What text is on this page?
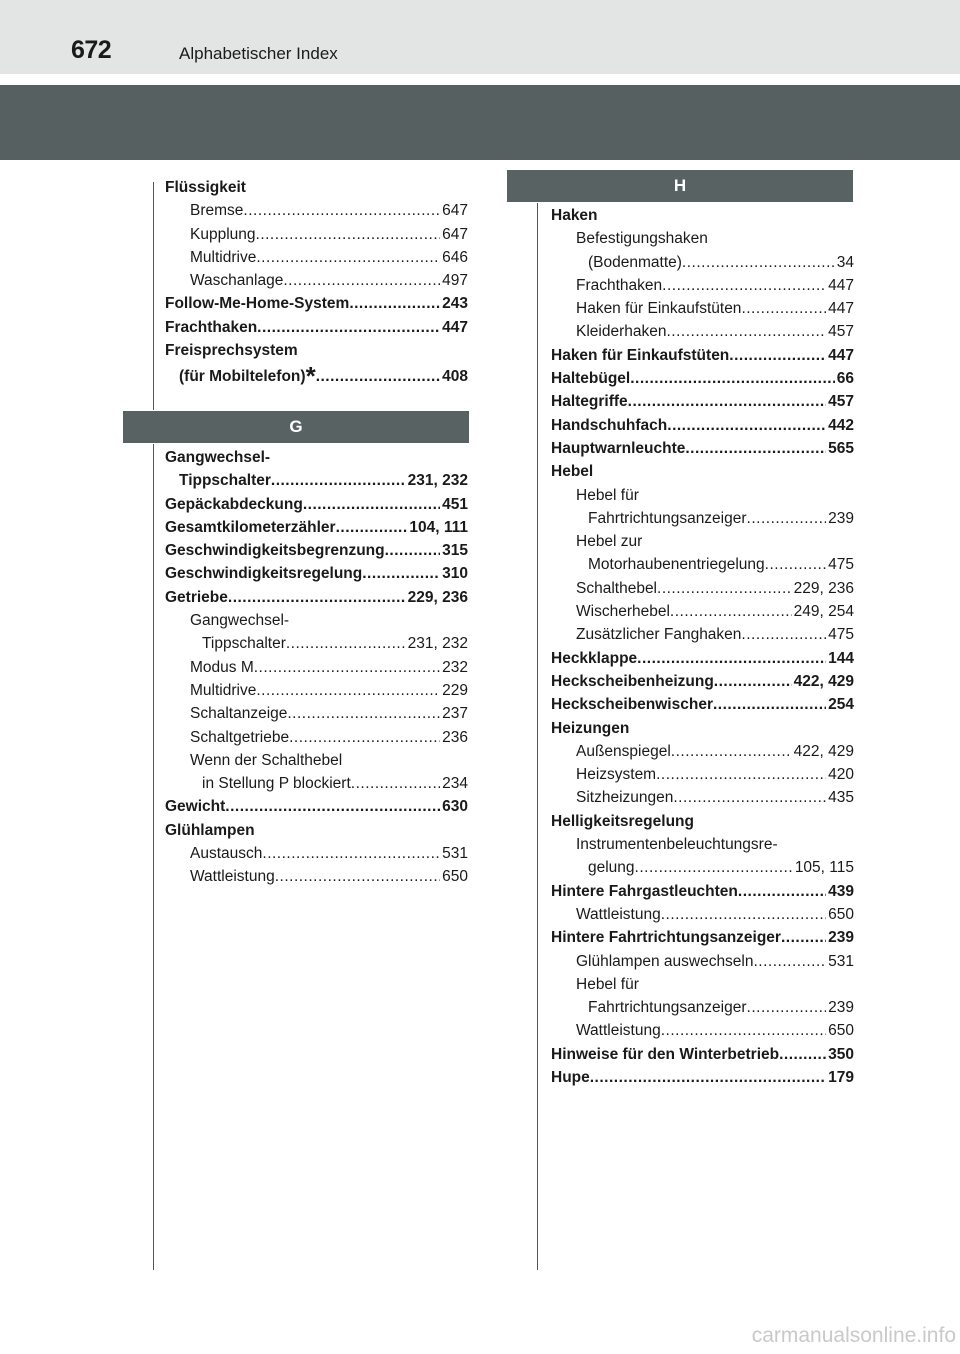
672	Alphabetischer Index
Flüssigkeit
Bremse .....	647
Kupplung .....	647
Multidrive .....	646
Waschanlage .....	497
Follow-Me-Home-System .....	243
Frachthaken .....	447
Freisprechsystem
(für Mobiltelefon)* .....	408
G
Gangwechsel-
Tippschalter .....	231, 232
Gepäckabdeckung .....	451
Gesamtkilometerzähler .....	104, 111
Geschwindigkeitsbegrenzung .....	315
Geschwindigkeitsregelung .....	310
Getriebe .....	229, 236
Gangwechsel-
Tippschalter .....	231, 232
Modus M .....	232
Multidrive .....	229
Schaltanzeige .....	237
Schaltgetriebe .....	236
Wenn der Schalthebel
in Stellung P blockiert .....	234
Gewicht .....	630
Glühlampen
Austausch .....	531
Wattleistung .....	650
H
Haken
Befestigungshaken
(Bodenmatte) .....	34
Frachthaken .....	447
Haken für Einkaufstüten .....	447
Kleiderhaken .....	457
Haken für Einkaufstüten .....	447
Haltebügel .....	66
Haltegriffe .....	457
Handschuhfach .....	442
Hauptwarnleuchte .....	565
Hebel
Hebel für
Fahrtrichtungsanzeiger .....	239
Hebel zur
Motorhaubenentriegelung .....	475
Schalthebel .....	229, 236
Wischerhebel .....	249, 254
Zusätzlicher Fanghaken .....	475
Heckklappe .....	144
Heckscheibenheizung .....	422, 429
Heckscheibenwischer .....	254
Heizungen
Außenspiegel .....	422, 429
Heizsystem .....	420
Sitzheizungen .....	435
Helligkeitsregelung
Instrumentenbeleuchtungsre-
gelung .....	105, 115
Hintere Fahrgastleuchten .....	439
Wattleistung .....	650
Hintere Fahrtrichtungsanzeiger .....	239
Glühlampen auswechseln .....	531
Hebel für
Fahrtrichtungsanzeiger .....	239
Wattleistung .....	650
Hinweise für den Winterbetrieb .....	350
Hupe .....	179
carmanualsonline.info
